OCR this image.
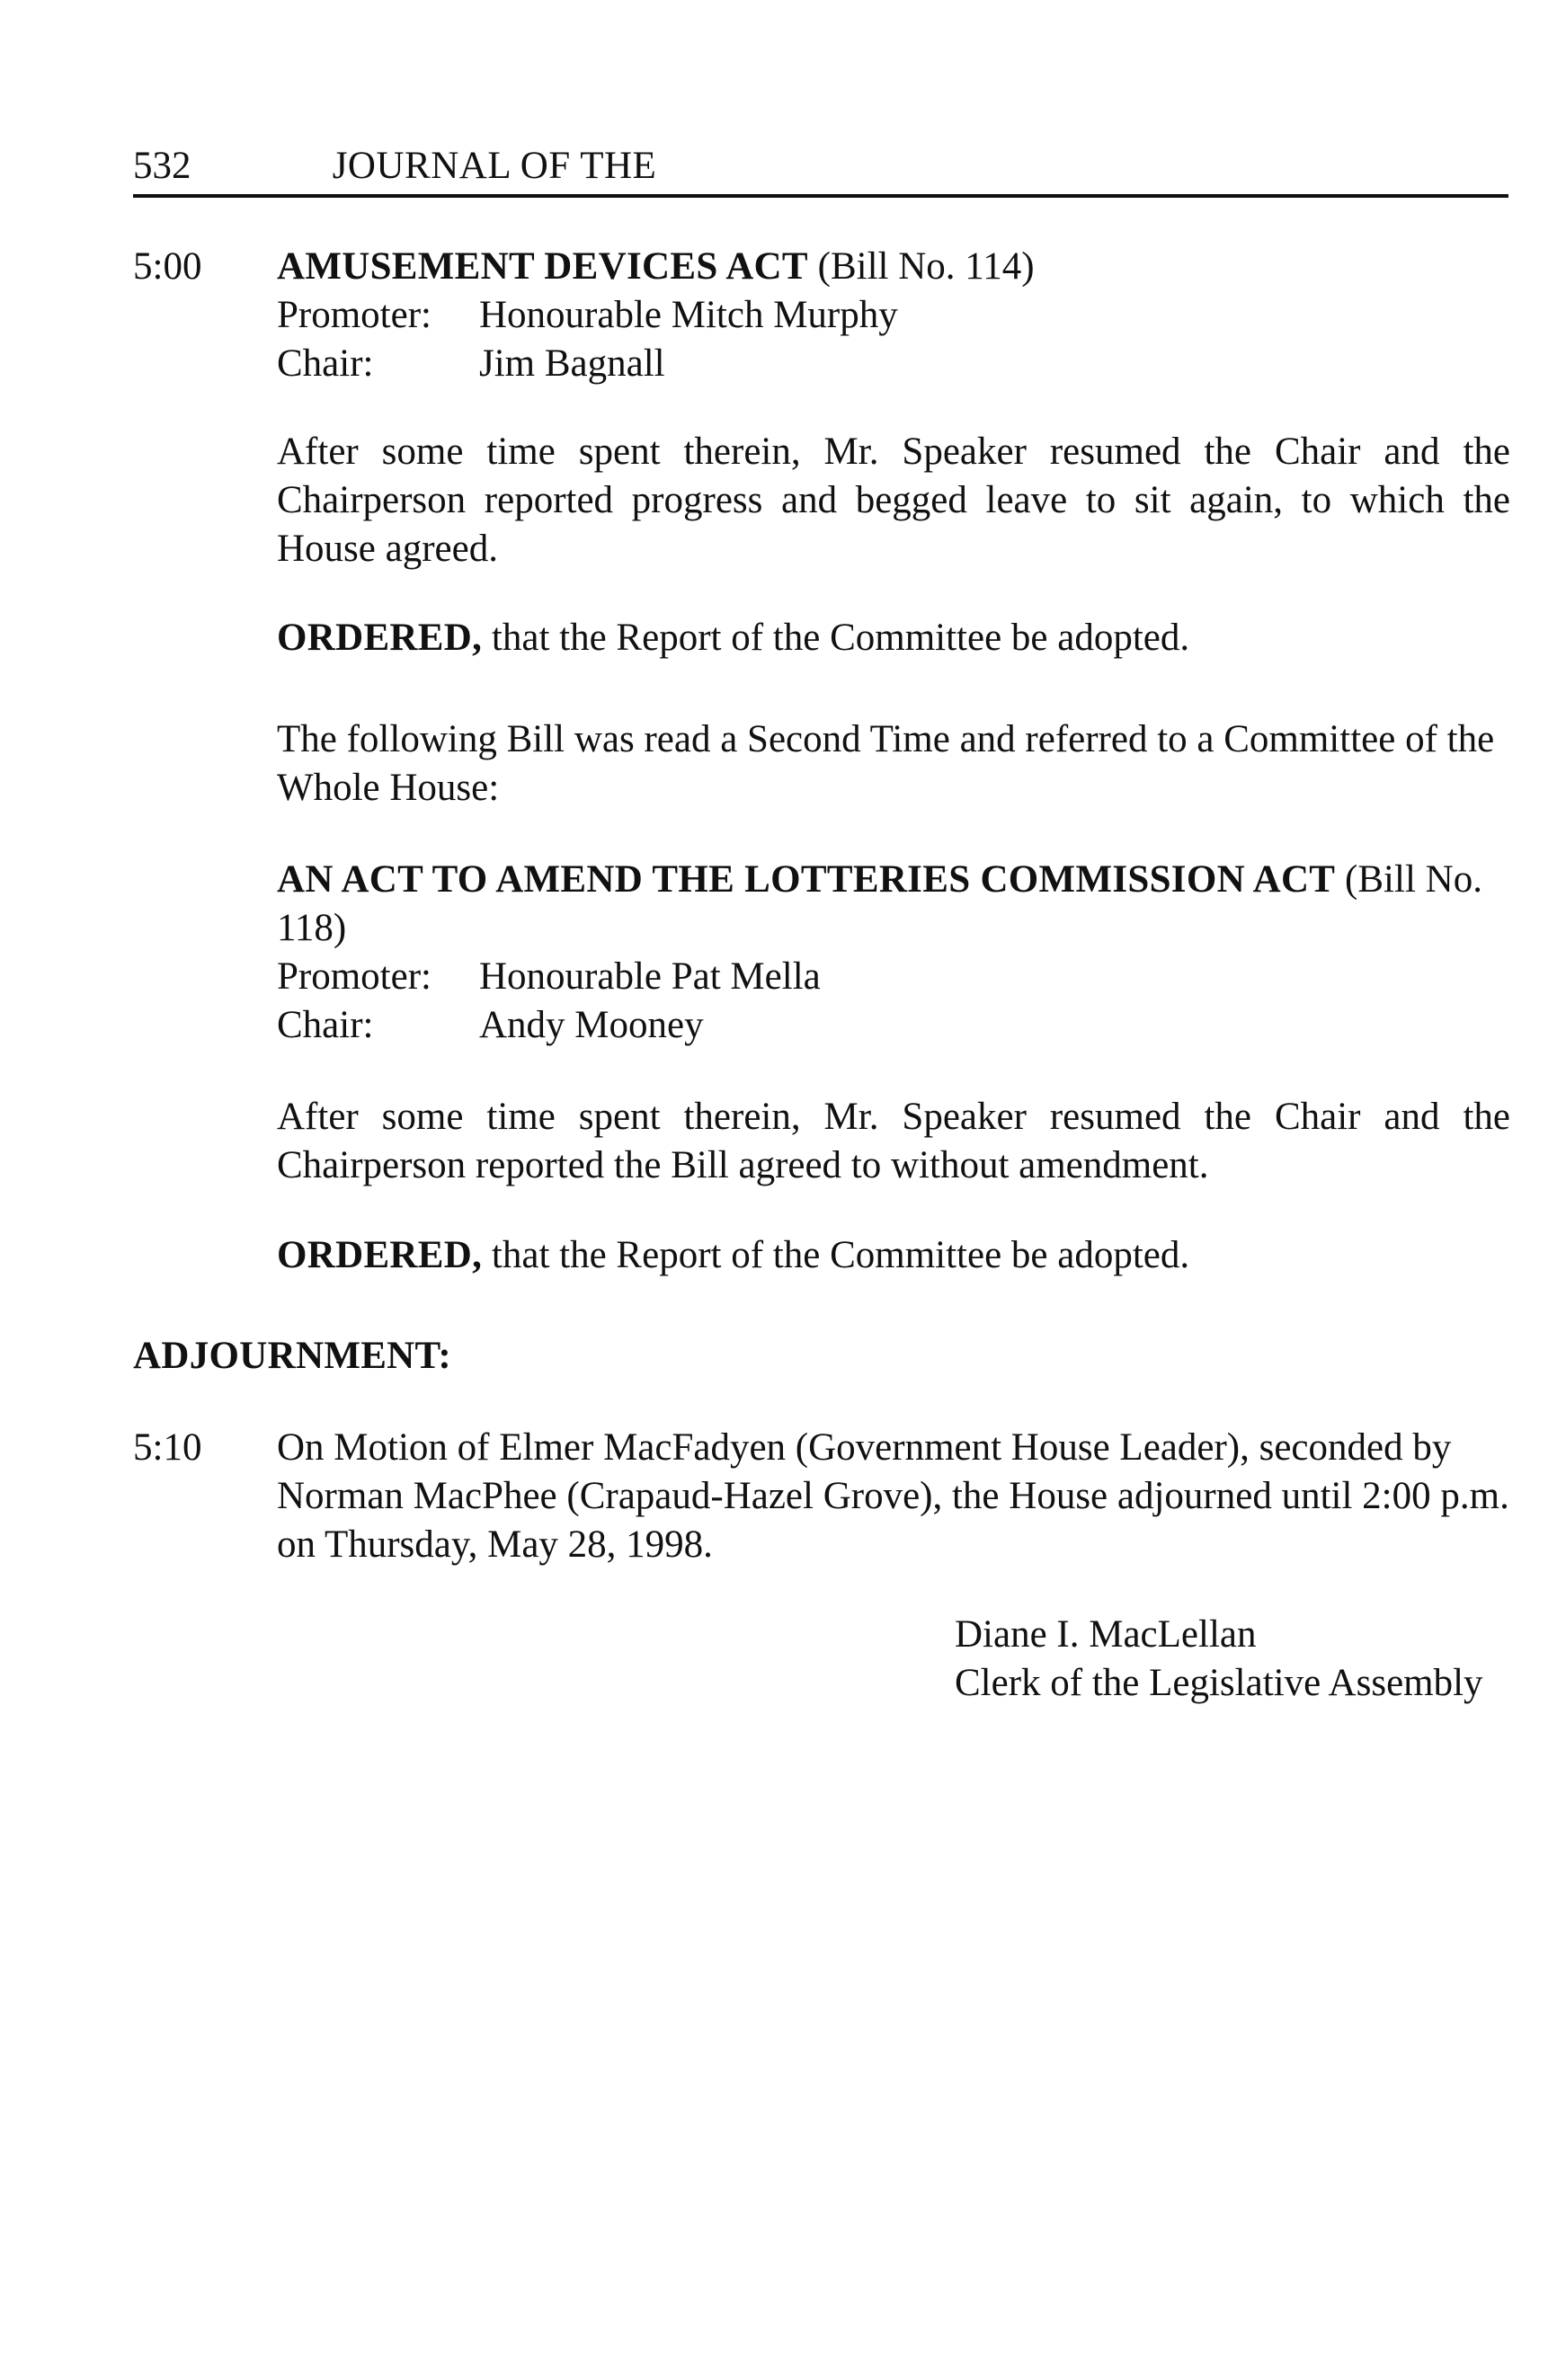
532	JOURNAL OF THE
5:00 AMUSEMENT DEVICES ACT (Bill No. 114)
Promoter:	Honourable Mitch Murphy
Chair:	Jim Bagnall
After some time spent therein, Mr. Speaker resumed the Chair and the Chairperson reported progress and begged leave to sit again, to which the House agreed.
ORDERED, that the Report of the Committee be adopted.
The following Bill was read a Second Time and referred to a Committee of the Whole House:
AN ACT TO AMEND THE LOTTERIES COMMISSION ACT (Bill No. 118)
Promoter:	Honourable Pat Mella
Chair:	Andy Mooney
After some time spent therein, Mr. Speaker resumed the Chair and the Chairperson reported the Bill agreed to without amendment.
ORDERED, that the Report of the Committee be adopted.
ADJOURNMENT:
5:10 On Motion of Elmer MacFadyen (Government House Leader), seconded by Norman MacPhee (Crapaud-Hazel Grove), the House adjourned until 2:00 p.m. on Thursday, May 28, 1998.
Diane I. MacLellan
Clerk of the Legislative Assembly
